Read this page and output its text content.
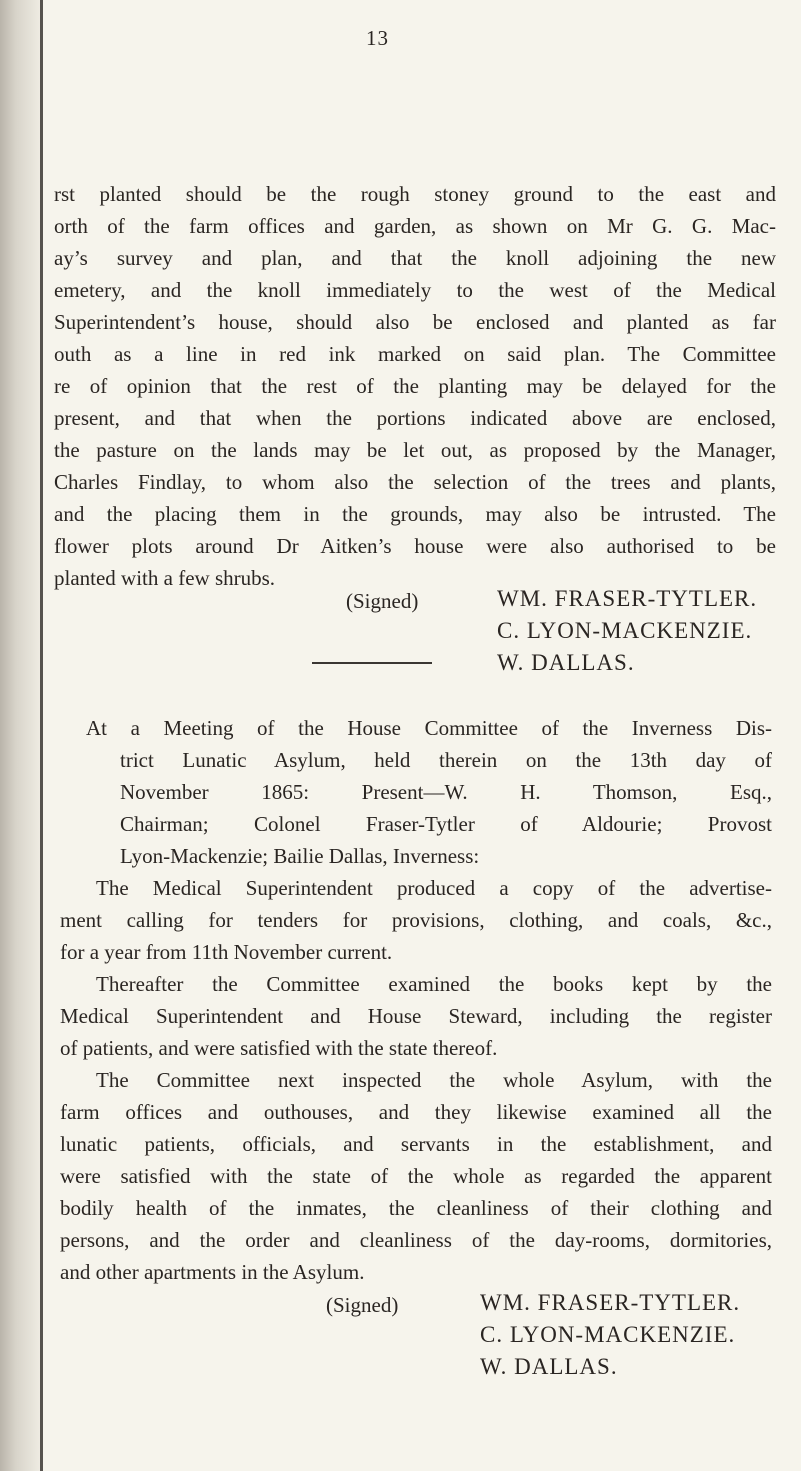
13
rst planted should be the rough stoney ground to the east and
orth of the farm offices and garden, as shown on Mr G. G. Mac-
ay’s survey and plan, and that the knoll adjoining the new
emetery, and the knoll immediately to the west of the Medical
Superintendent’s house, should also be enclosed and planted as far
outh as a line in red ink marked on said plan. The Committee
re of opinion that the rest of the planting may be delayed for the
present, and that when the portions indicated above are enclosed,
the pasture on the lands may be let out, as proposed by the Manager,
Charles Findlay, to whom also the selection of the trees and plants,
and the placing them in the grounds, may also be intrusted. The
flower plots around Dr Aitken’s house were also authorised to be
planted with a few shrubs.
(Signed)	WM. FRASER-TYTLER.
C. LYON-MACKENZIE.
W. DALLAS.
At a Meeting of the House Committee of the Inverness Dis-
trict Lunatic Asylum, held therein on the 13th day of
November 1865: Present—W. H. Thomson, Esq.,
Chairman; Colonel Fraser-Tytler of Aldourie; Provost
Lyon-Mackenzie; Bailie Dallas, Inverness:
The Medical Superintendent produced a copy of the advertise-
ment calling for tenders for provisions, clothing, and coals, &c.,
for a year from 11th November current.
Thereafter the Committee examined the books kept by the
Medical Superintendent and House Steward, including the register
of patients, and were satisfied with the state thereof.
The Committee next inspected the whole Asylum, with the
farm offices and outhouses, and they likewise examined all the
lunatic patients, officials, and servants in the establishment, and
were satisfied with the state of the whole as regarded the apparent
bodily health of the inmates, the cleanliness of their clothing and
persons, and the order and cleanliness of the day-rooms, dormitories,
and other apartments in the Asylum.
(Signed)	WM. FRASER-TYTLER.
C. LYON-MACKENZIE.
W. DALLAS.
